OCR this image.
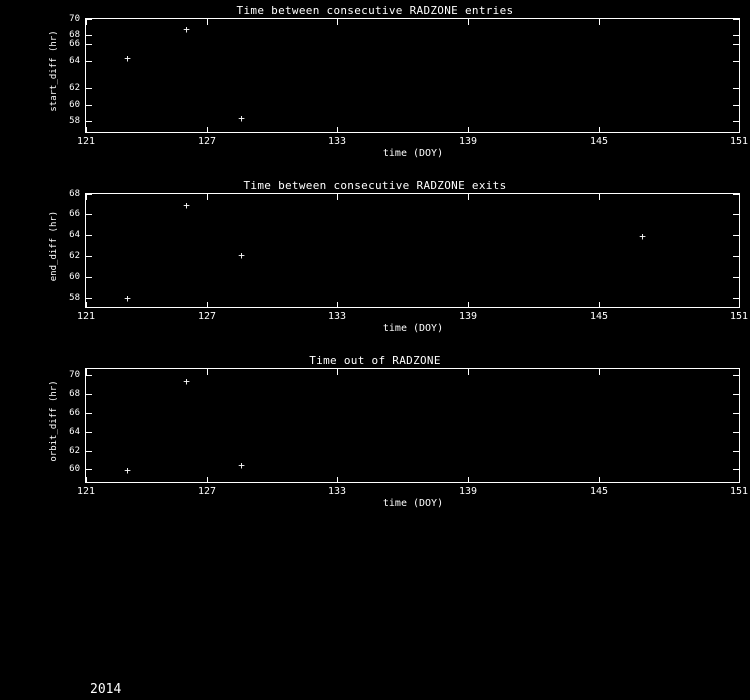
Time between consecutive RADZONE entries
start_diff (hr)
time (DOY)
58
60
62
64
66
68
70
121	127	133	139	145	151
+
+
+
Time between consecutive RADZONE exits
end_diff (hr)
time (DOY)
58
60
62
64
66
68
121	127	133	139	145	151
+
+
+
+
Time out of RADZONE
orbit_diff (hr)
time (DOY)
60
62
64
66
68
70
121	127	133	139	145	151
+
+
+
2014
